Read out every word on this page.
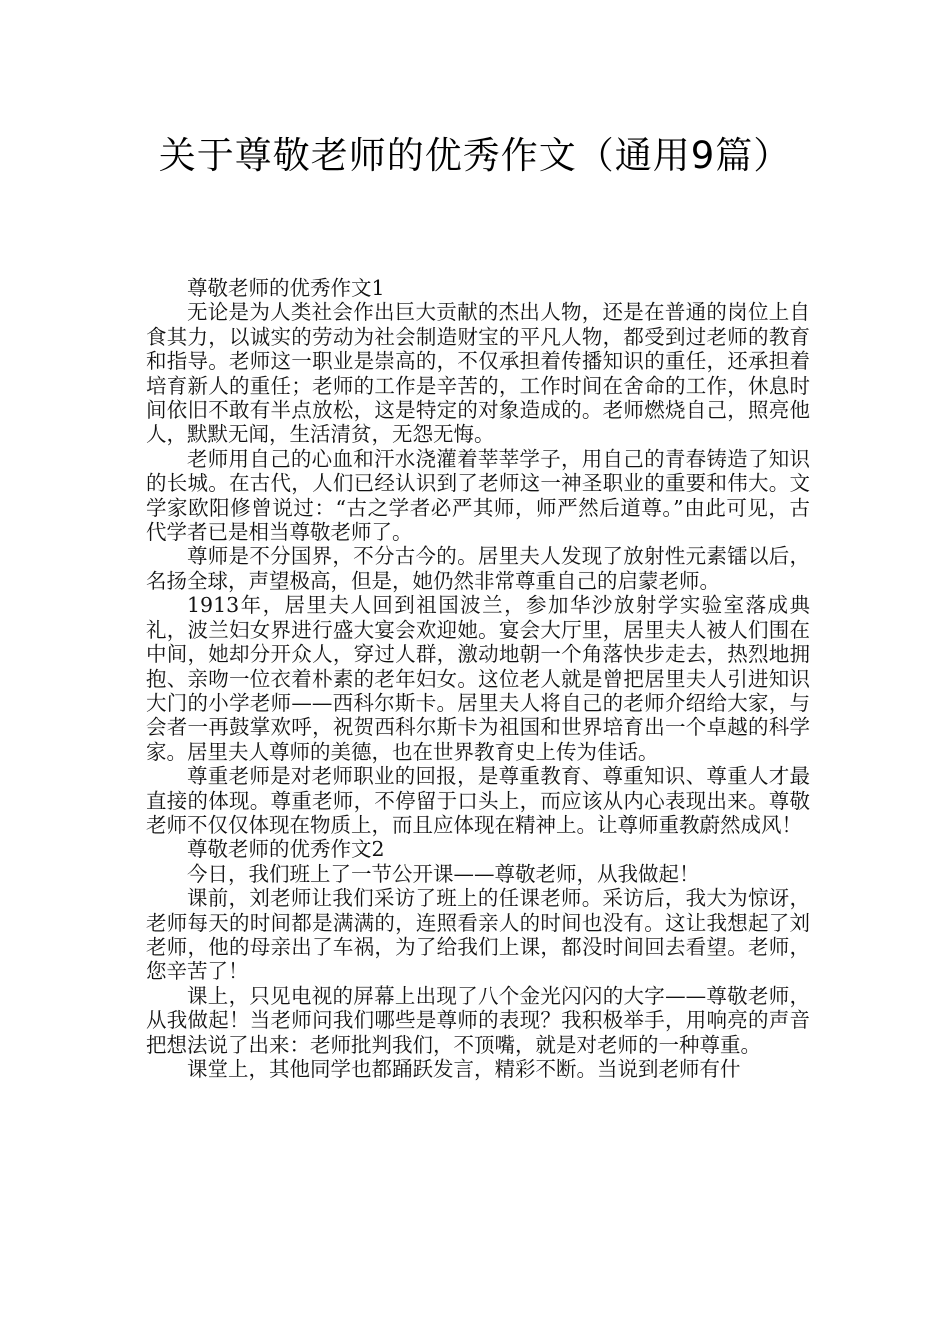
关于尊敬老师的优秀作文（通用9篇）

尊敬老师的优秀作文1

无论是为人类社会作出巨大贡献的杰出人物，还是在普通的岗位上自食其力，以诚实的劳动为社会制造财宝的平凡人物，都受到过老师的教育和指导。老师这一职业是崇高的，不仅承担着传播知识的重任，还承担着培育新人的重任；老师的工作是辛苦的，工作时间在舍命的工作，休息时间依旧不敢有半点放松，这是特定的对象造成的。老师燃烧自己，照亮他人，默默无闻，生活清贫，无怨无悔。

老师用自己的心血和汗水浇灌着莘莘学子，用自己的青春铸造了知识的长城。在古代，人们已经认识到了老师这一神圣职业的重要和伟大。文学家欧阳修曾说过：“古之学者必严其师，师严然后道尊。”由此可见，古代学者已是相当尊敬老师了。

尊师是不分国界，不分古今的。居里夫人发现了放射性元素镭以后，名扬全球，声望极高，但是，她仍然非常尊重自己的启蒙老师。

1913年，居里夫人回到祖国波兰，参加华沙放射学实验室落成典礼，波兰妇女界进行盛大宴会欢迎她。宴会大厅里，居里夫人被人们围在中间，她却分开众人，穿过人群，激动地朝一个角落快步走去，热烈地拥抱、亲吻一位衣着朴素的老年妇女。这位老人就是曾把居里夫人引进知识大门的小学老师——西科尔斯卡。居里夫人将自己的老师介绍给大家，与会者一再鼓掌欢呼，祝贺西科尔斯卡为祖国和世界培育出一个卓越的科学家。居里夫人尊师的美德，也在世界教育史上传为佳话。

尊重老师是对老师职业的回报，是尊重教育、尊重知识、尊重人才最直接的体现。尊重老师，不停留于口头上，而应该从内心表现出来。尊敬老师不仅仅体现在物质上，而且应体现在精神上。让尊师重教蔚然成风！

尊敬老师的优秀作文2

今日，我们班上了一节公开课——尊敬老师，从我做起！

课前，刘老师让我们采访了班上的任课老师。采访后，我大为惊讶，老师每天的时间都是满满的，连照看亲人的时间也没有。这让我想起了刘老师，他的母亲出了车祸，为了给我们上课，都没时间回去看望。老师，您辛苦了！

课上，只见电视的屏幕上出现了八个金光闪闪的大字——尊敬老师，从我做起！当老师问我们哪些是尊师的表现？我积极举手，用响亮的声音把想法说了出来：老师批判我们，不顶嘴，就是对老师的一种尊重。

课堂上，其他同学也都踊跃发言，精彩不断。当说到老师有什
